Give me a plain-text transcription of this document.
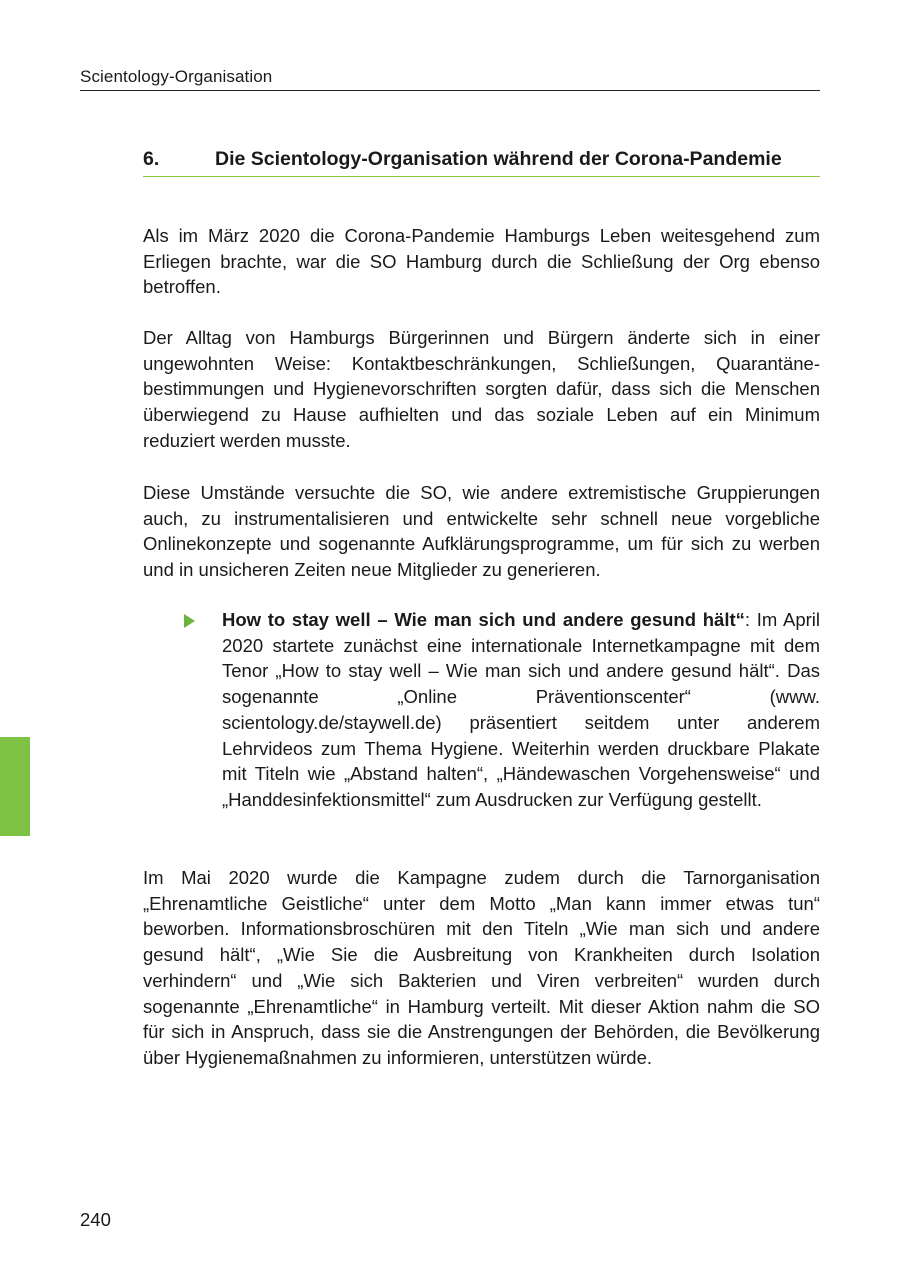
Scientology-Organisation
6.	Die Scientology-Organisation während der Corona-Pandemie

Als im März 2020 die Corona-Pandemie Hamburgs Leben weitesgehend zum Erliegen brachte, war die SO Hamburg durch die Schließung der Org ebenso betroffen.

Der Alltag von Hamburgs Bürgerinnen und Bürgern änderte sich in einer ungewohnten Weise: Kontaktbeschränkungen, Schließungen, Quarantänebestimmungen und Hygienevorschriften sorgten dafür, dass sich die Menschen überwiegend zu Hause aufhielten und das soziale Leben auf ein Minimum reduziert werden musste.

Diese Umstände versuchte die SO, wie andere extremistische Gruppierungen auch, zu instrumentalisieren und entwickelte sehr schnell neue vorgebliche Onlinekonzepte und sogenannte Aufklärungsprogramme, um für sich zu werben und in unsicheren Zeiten neue Mitglieder zu generieren.

How to stay well – Wie man sich und andere gesund hält“: Im April 2020 startete zunächst eine internationale Internetkampagne mit dem Tenor „How to stay well – Wie man sich und andere gesund hält“. Das sogenannte „Online Präventionscenter“ (www. scientology.de/staywell.de) präsentiert seitdem unter anderem Lehrvideos zum Thema Hygiene. Weiterhin werden druckbare Plakate mit Titeln wie „Abstand halten“, „Händewaschen Vorgehensweise“ und „Handdesinfektionsmittel“ zum Ausdrucken zur Verfügung gestellt.

Im Mai 2020 wurde die Kampagne zudem durch die Tarnorganisation „Ehrenamtliche Geistliche“ unter dem Motto „Man kann immer etwas tun“ beworben. Informationsbroschüren mit den Titeln „Wie man sich und andere gesund hält“, „Wie Sie die Ausbreitung von Krankheiten durch Isolation verhindern“ und „Wie sich Bakterien und Viren verbreiten“ wurden durch sogenannte „Ehrenamtliche“ in Hamburg verteilt. Mit dieser Aktion nahm die SO für sich in Anspruch, dass sie die Anstrengungen der Behörden, die Bevölkerung über Hygienemaßnahmen zu informieren, unterstützen würde.

240
